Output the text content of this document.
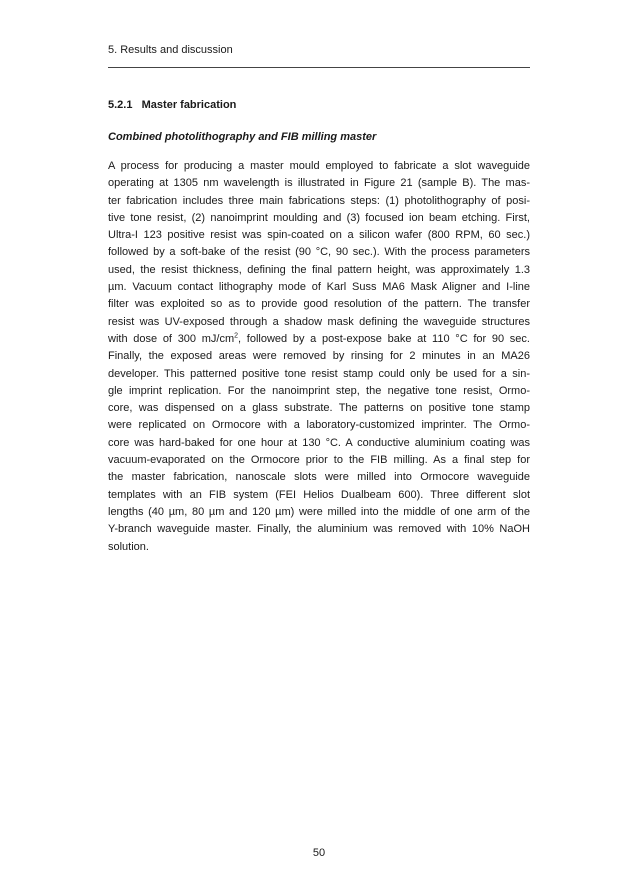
5. Results and discussion
5.2.1   Master fabrication
Combined photolithography and FIB milling master
A process for producing a master mould employed to fabricate a slot waveguide
operating at 1305 nm wavelength is illustrated in Figure 21 (sample B). The mas-
ter fabrication includes three main fabrications steps: (1) photolithography of posi-
tive tone resist, (2) nanoimprint moulding and (3) focused ion beam etching. First,
Ultra-I 123 positive resist was spin-coated on a silicon wafer (800 RPM, 60 sec.)
followed by a soft-bake of the resist (90 °C, 90 sec.). With the process parameters
used, the resist thickness, defining the final pattern height, was approximately 1.3
µm. Vacuum contact lithography mode of Karl Suss MA6 Mask Aligner and I-line
filter was exploited so as to provide good resolution of the pattern. The transfer
resist was UV-exposed through a shadow mask defining the waveguide structures
with dose of 300 $mJ/cm^2$, followed by a post-expose bake at 110 °C for 90 sec.
Finally, the exposed areas were removed by rinsing for 2 minutes in an MA26
developer. This patterned positive tone resist stamp could only be used for a sin-
gle imprint replication. For the nanoimprint step, the negative tone resist, Ormo-
core, was dispensed on a glass substrate. The patterns on positive tone stamp
were replicated on Ormocore with a laboratory-customized imprinter. The Ormo-
core was hard-baked for one hour at 130 °C. A conductive aluminium coating was
vacuum-evaporated on the Ormocore prior to the FIB milling. As a final step for
the master fabrication, nanoscale slots were milled into Ormocore waveguide
templates with an FIB system (FEI Helios Dualbeam 600). Three different slot
lengths (40 µm, 80 µm and 120 µm) were milled into the middle of one arm of the
Y-branch waveguide master. Finally, the aluminium was removed with 10% NaOH
solution.
50
